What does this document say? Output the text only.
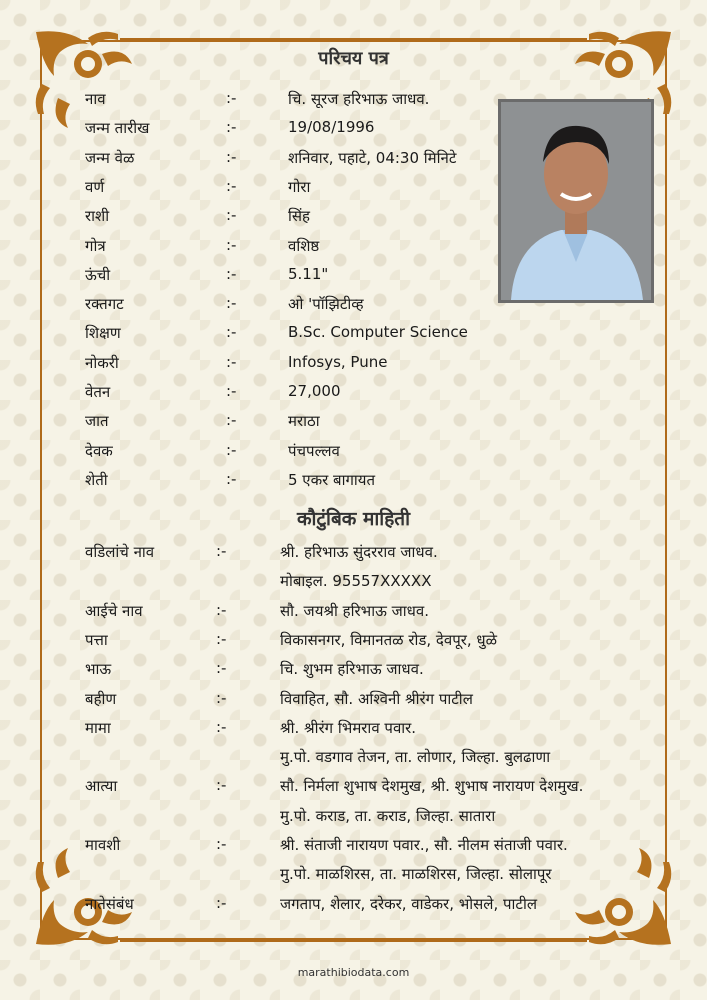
परिचय पत्र
नाव	:-	चि. सूरज हरिभाऊ जाधव.
जन्म तारीख	:-	19/08/1996
जन्म वेळ	:-	शनिवार, पहाटे, 04:30 मिनिटे
वर्ण	:-	गोरा
राशी	:-	सिंह
गोत्र	:-	वशिष्ठ
ऊंची	:-	5.11"
रक्तगट	:-	ओ 'पॉझिटीव्ह
शिक्षण	:-	B.Sc. Computer Science
नोकरी	:-	Infosys, Pune
वेतन	:-	27,000
जात	:-	मराठा
देवक	:-	पंचपल्लव
शेती	:-	5 एकर बागायत
कौटुंबिक माहिती
वडिलांचे नाव	:-	श्री. हरिभाऊ सुंदरराव जाधव.
मोबाइल. 95557XXXXX
आईचे नाव	:-	सौ. जयश्री हरिभाऊ जाधव.
पत्ता	:-	विकासनगर, विमानतळ रोड, देवपूर, धुळे
भाऊ	:-	चि. शुभम हरिभाऊ जाधव.
बहीण	:-	विवाहित, सौ. अश्विनी श्रीरंग पाटील
मामा	:-	श्री. श्रीरंग भिमराव पवार.
मु.पो. वडगाव तेजन, ता. लोणार, जिल्हा. बुलढाणा
आत्या	:-	सौ. निर्मला शुभाष देशमुख, श्री. शुभाष नारायण देशमुख.
मु.पो. कराड, ता. कराड, जिल्हा. सातारा
मावशी	:-	श्री. संताजी नारायण पवार., सौ. नीलम संताजी पवार.
मु.पो. माळशिरस, ता. माळशिरस, जिल्हा. सोलापूर
नातेसंबंध	:-	जगताप, शेलार, दरेकर, वाडेकर, भोसले, पाटील
marathibiodata.com
